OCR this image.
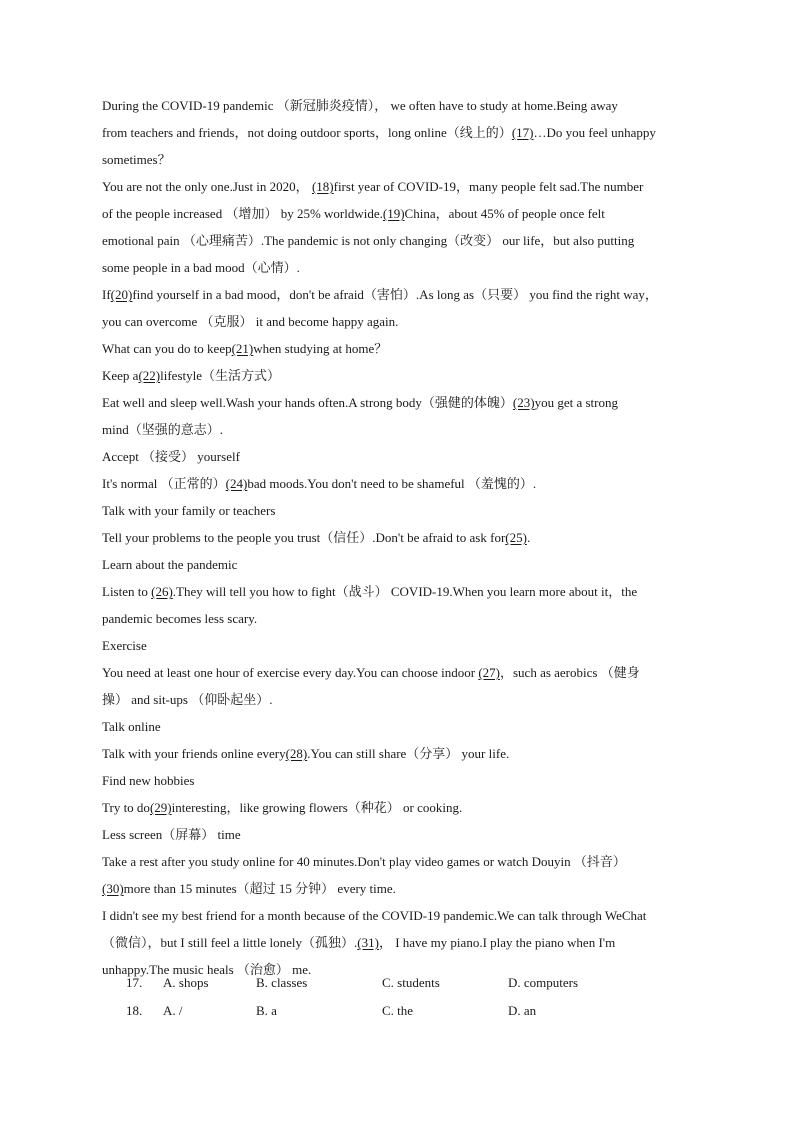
During the COVID-19 pandemic （新冠肺炎疫情）， we often have to study at home.Being away
from teachers and friends，not doing outdoor sports，long online（线上的）(17)…Do you feel unhappy
sometimes？
You are not the only one.Just in 2020， (18)first year of COVID-19，many people felt sad.The number
of the people increased （增加） by 25% worldwide.(19)China，about 45% of people once felt
emotional pain （心理痛苦）.The pandemic is not only changing（改变） our life，but also putting
some people in a bad mood（心情）.
If(20)find yourself in a bad mood，don't be afraid（害怕）.As long as（只要） you find the right way，
you can overcome （克服） it and become happy again.
What can you do to keep(21)when studying at home？
Keep a(22)lifestyle（生活方式）
Eat well and sleep well.Wash your hands often.A strong body（强健的体魄）(23)you get a strong
mind（坚强的意志）.
Accept （接受） yourself
It's normal （正常的）(24)bad moods.You don't need to be shameful （羞愧的）.
Talk with your family or teachers
Tell your problems to the people you trust（信任）.Don't be afraid to ask for(25).
Learn about the pandemic
Listen to (26).They will tell you how to fight（战斗） COVID-19.When you learn more about it，the
pandemic becomes less scary.
Exercise
You need at least one hour of exercise every day.You can choose indoor (27)，such as aerobics （健身
操） and sit-ups （仰卧起坐）.
Talk online
Talk with your friends online every(28).You can still share（分享） your life.
Find new hobbies
Try to do(29)interesting，like growing flowers（种花） or cooking.
Less screen（屏幕） time
Take a rest after you study online for 40 minutes.Don't play video games or watch Douyin （抖音）
(30)more than 15 minutes（超过 15 分钟） every time.
I didn't see my best friend for a month because of the COVID-19 pandemic.We can talk through WeChat
（微信），but I still feel a little lonely（孤独）.(31)， I have my piano.I play the piano when I'm
unhappy.The music heals （治愈） me.
17. A. shops	B. classes	C. students	D. computers
18. A. /	B. a	C. the	D. an
